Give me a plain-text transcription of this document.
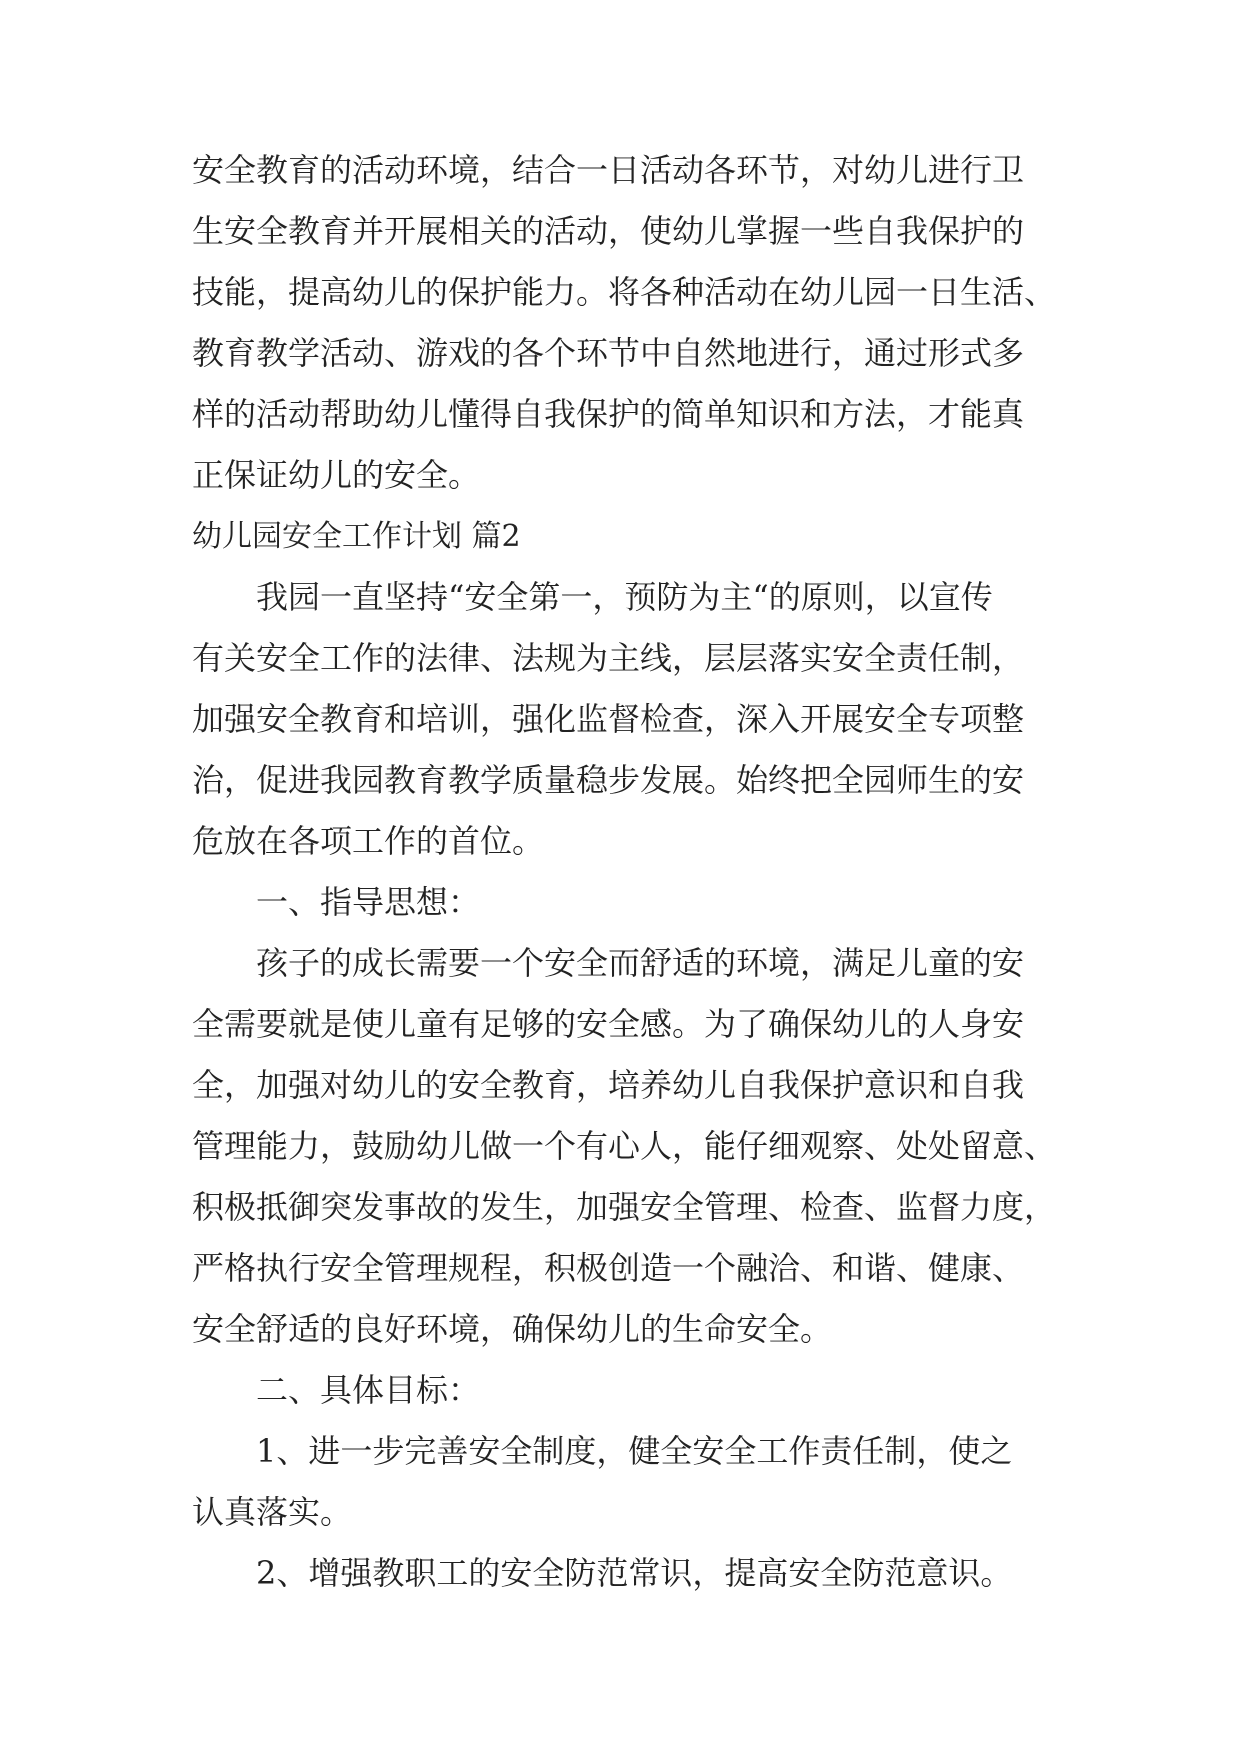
安全教育的活动环境，结合一日活动各环节，对幼儿进行卫
生安全教育并开展相关的活动，使幼儿掌握一些自我保护的
技能，提高幼儿的保护能力。将各种活动在幼儿园一日生活、
教育教学活动、游戏的各个环节中自然地进行，通过形式多
样的活动帮助幼儿懂得自我保护的简单知识和方法，才能真
正保证幼儿的安全。
幼儿园安全工作计划 篇2
我园一直坚持“安全第一，预防为主“的原则，以宣传
有关安全工作的法律、法规为主线，层层落实安全责任制，
加强安全教育和培训，强化监督检查，深入开展安全专项整
治，促进我园教育教学质量稳步发展。始终把全园师生的安
危放在各项工作的首位。
一、指导思想：
孩子的成长需要一个安全而舒适的环境，满足儿童的安
全需要就是使儿童有足够的安全感。为了确保幼儿的人身安
全，加强对幼儿的安全教育，培养幼儿自我保护意识和自我
管理能力，鼓励幼儿做一个有心人，能仔细观察、处处留意、
积极抵御突发事故的发生，加强安全管理、检查、监督力度，
严格执行安全管理规程，积极创造一个融洽、和谐、健康、
安全舒适的良好环境，确保幼儿的生命安全。
二、具体目标：
1、进一步完善安全制度，健全安全工作责任制，使之
认真落实。
2、增强教职工的安全防范常识，提高安全防范意识。
